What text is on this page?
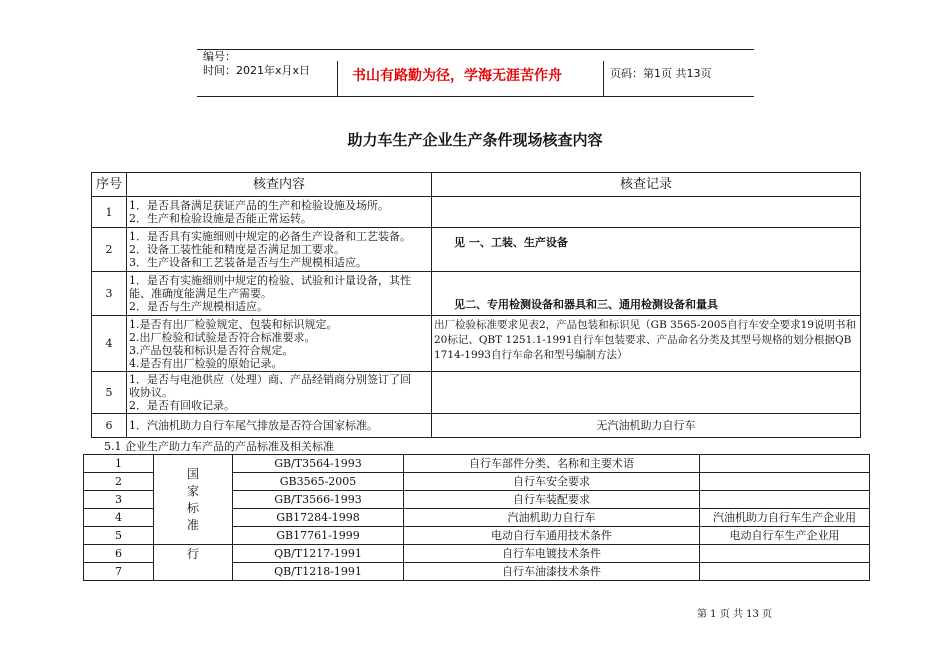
编号：
时间：2021年x月x日	书山有路勤为径，学海无涯苦作舟	页码：第1页 共13页
助力车生产企业生产条件现场核查内容
序号	核查内容	核查记录
1	1．是否具备满足获证产品的生产和检验设施及场所。
2．生产和检验设施是否能正常运转。	

2	1．是否具有实施细则中规定的必备生产设备和工艺装备。
2．设备工装性能和精度是否满足加工要求。
3．生产设备和工艺装备是否与生产规模相适应。	见 一、工装、生产设备
3	1．是否有实施细则中规定的检验、试验和计量设备，其性
能、准确度能满足生产需要。
2．是否与生产规模相适应。	见二、专用检测设备和器具和三、通用检测设备和量具
4	1.是否有出厂检验规定、包装和标识规定。
2.出厂检验和试验是否符合标准要求。
3.产品包装和标识是否符合规定。
4.是否有出厂检验的原始记录。	出厂检验标准要求见表2，产品包装和标识见（GB 3565-2005自行车安全要求19说明书和20标记、QBT 1251.1-1991自行车包装要求、产品命名分类及其型号规格的划分根据QB 1714-1993自行车命名和型号编制方法）
5	1．是否与电池供应（处理）商、产品经销商分别签订了回
收协议。
2．是否有回收记录。	

6	1．汽油机助力自行车尾气排放是否符合国家标准。	无汽油机助力自行车
5.1 企业生产助力车产品的产品标准及相关标准
1	国
家
标
准	GB/T3564-1993	自行车部件分类、名称和主要术语	
2		GB3565-2005	自行车安全要求	
3		GB/T3566-1993	自行车装配要求	
4		GB17284-1998	汽油机助力自行车	汽油机助力自行车生产企业用
5		GB17761-1999	电动自行车通用技术条件	电动自行车生产企业用
6	行	QB/T1217-1991	自行车电镀技术条件	
7		QB/T1218-1991	自行车油漆技术条件	
第 1 页 共 13 页
